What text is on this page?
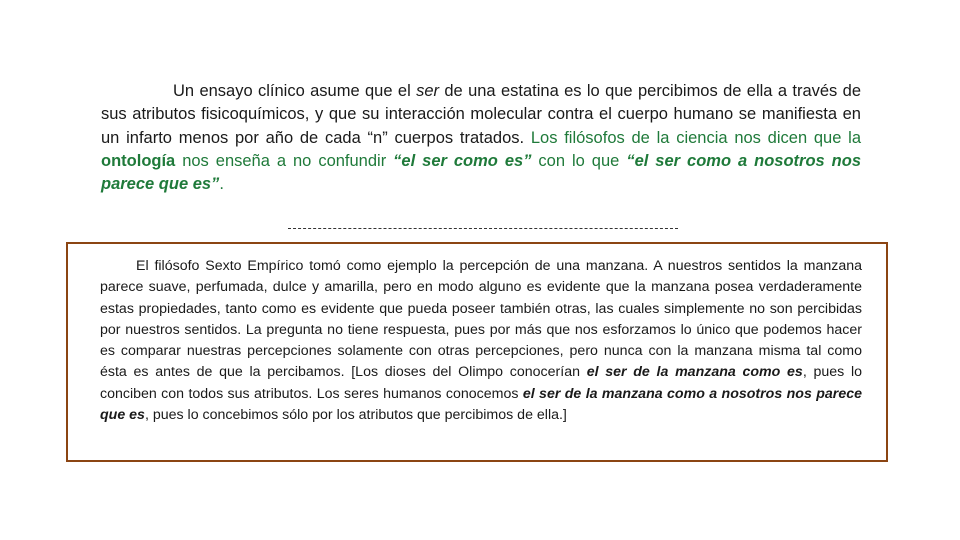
Un ensayo clínico asume que el ser de una estatina es lo que percibimos de ella a través de sus atributos fisicoquímicos, y que su interacción molecular contra el cuerpo humano se manifiesta en un infarto menos por año de cada “n” cuerpos tratados. Los filósofos de la ciencia nos dicen que la ontología nos enseña a no confundir “el ser como es” con lo que “el ser como a nosotros nos parece que es”.

El filósofo Sexto Empírico tomó como ejemplo la percepción de una manzana. A nuestros sentidos la manzana parece suave, perfumada, dulce y amarilla, pero en modo alguno es evidente que la manzana posea verdaderamente estas propiedades, tanto como es evidente que pueda poseer también otras, las cuales simplemente no son percibidas por nuestros sentidos. La pregunta no tiene respuesta, pues por más que nos esforzamos lo único que podemos hacer es comparar nuestras percepciones solamente con otras percepciones, pero nunca con la manzana misma tal como ésta es antes de que la percibamos. [Los dioses del Olimpo conocerían el ser de la manzana como es, pues lo conciben con todos sus atributos. Los seres humanos conocemos el ser de la manzana como a nosotros nos parece que es, pues lo concebimos sólo por los atributos que percibimos de ella.]
